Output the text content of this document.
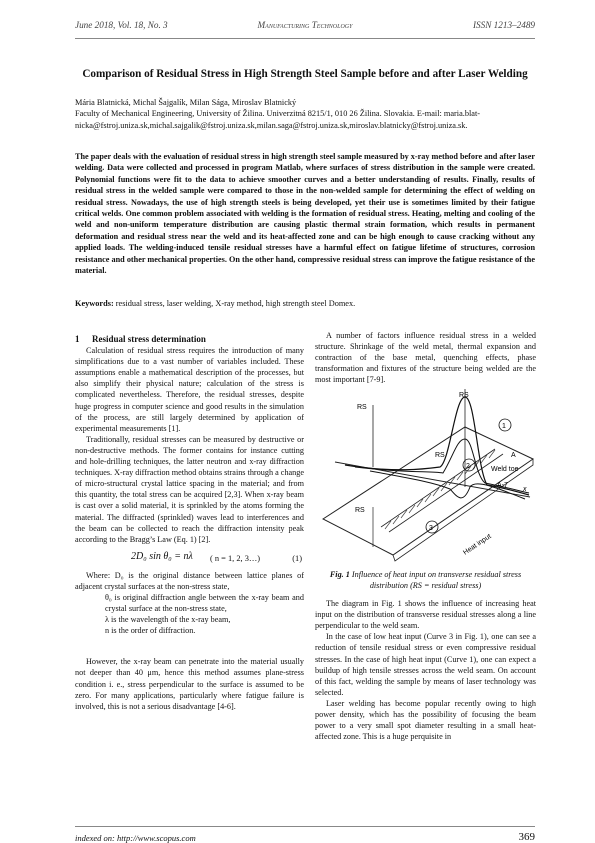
June 2018, Vol. 18, No. 3	Manufacturing Technology	ISSN 1213–2489
Comparison of Residual Stress in High Strength Steel Sample before and after Laser Welding
Mária Blatnická, Michal Šajgalík, Milan Sága, Miroslav Blatnický
Faculty of Mechanical Engineering, University of Žilina. Univerzitná 8215/1, 010 26 Žilina. Slovakia. E-mail: maria.blat-
nicka@fstroj.uniza.sk,michal.sajgalik@fstroj.uniza.sk,milan.saga@fstroj.uniza.sk,miroslav.blatnicky@fstroj.uniza.sk.
The paper deals with the evaluation of residual stress in high strength steel sample measured by x-ray method before and after laser welding. Data were collected and processed in program Matlab, where surfaces of stress distribution in the sample were created. Polynomial functions were fit to the data to achieve smoother curves and a better understanding of results. Finally, results of residual stress in the welded sample were compared to those in the non-welded sample for determining the effect of welding on residual stress. Nowadays, the use of high strength steels is being developed, yet their use is sometimes limited by their fatigue critical welds. One common problem associated with welding is the formation of residual stress. Heating, melting and cooling of the weld and non-uniform temperature distribution are causing plastic thermal strain formation, which results in permanent deformation and residual stress near the weld and its heat-affected zone and can be high enough to cause cracking without any applied loads. The welding-induced tensile residual stresses have a harmful effect on fatigue lifetime of structures, corrosion resistance and other mechanical properties. On the other hand, compressive residual stress can improve the fatigue resistance of the material.
Keywords: residual stress, laser welding, X-ray method, high strength steel Domex.

1 Residual stress determination

Calculation of residual stress requires the introduction of many simplifications due to a vast number of variables included. These assumptions enable a mathematical description of the processes, but also simplify their physical nature; calculation of the stress is complicated nevertheless. Therefore, the residual stresses, despite huge progress in computer science and good results in the simulation of the process, are still largely determined by application of experimental measurements [1].

Traditionally, residual stresses can be measured by destructive or non-destructive methods. The former contains for instance cutting and hole-drilling techniques, the latter neutron and x-ray diffraction techniques. X-ray diffraction method obtains strains through a change of micro-structural crystal lattice spacing in the material; and from this quantity, the total stress can be acquired [2,3]. When x-ray beam is cast over a solid material, it is sprinkled by the atoms forming the material. The diffracted (sprinkled) waves lead to interferences and the beam can be collected to reach the diffraction intensity peak according to the Bragg’s Law (Eq. 1) [2].

2D₀ sin θ₀ = nλ ( n = 1, 2, 3…)	(1)

Where: D₀ is the original distance between lattice planes of adjacent crystal surfaces at the non-stress state,

θ₀ is original diffraction angle between the x-ray beam and crystal surface at the non-stress state,

λ is the wavelength of the x-ray beam,

n is the order of diffraction.

However, the x-ray beam can penetrate into the material usually not deeper than 40 μm, hence this method assumes plane-stress condition i. e., stress perpendicular to the surface is assumed to be zero. For many applications, particularly where fatigue failure is involved, this is not a serious disadvantage [4-6].

A number of factors influence residual stress in a welded structure. Shrinkage of the weld metal, thermal expansion and contraction of the base metal, quenching effects, phase transformation and fixtures of the structure being welded are the most important [7-9].

RS
RS
RS
RS
1
2
3
Weld toe
A
A-7
x
Heat input
Fig. 1 Influence of heat input on transverse residual stress distribution (RS = residual stress)

The diagram in Fig. 1 shows the influence of increasing heat input on the distribution of transverse residual stresses along a line perpendicular to the weld seam.

In the case of low heat input (Curve 3 in Fig. 1), one can see a reduction of tensile residual stress or even compressive residual stresses. In the case of high heat input (Curve 1), one can expect a buildup of high tensile stresses across the weld seam. On account of this fact, welding the sample by means of laser technology was selected.

Laser welding has become popular recently owing to high power density, which has the possibility of focusing the beam power to a very small spot diameter resulting in a small heat-affected zone. This is a huge perquisite in

indexed on: http://www.scopus.com	369
